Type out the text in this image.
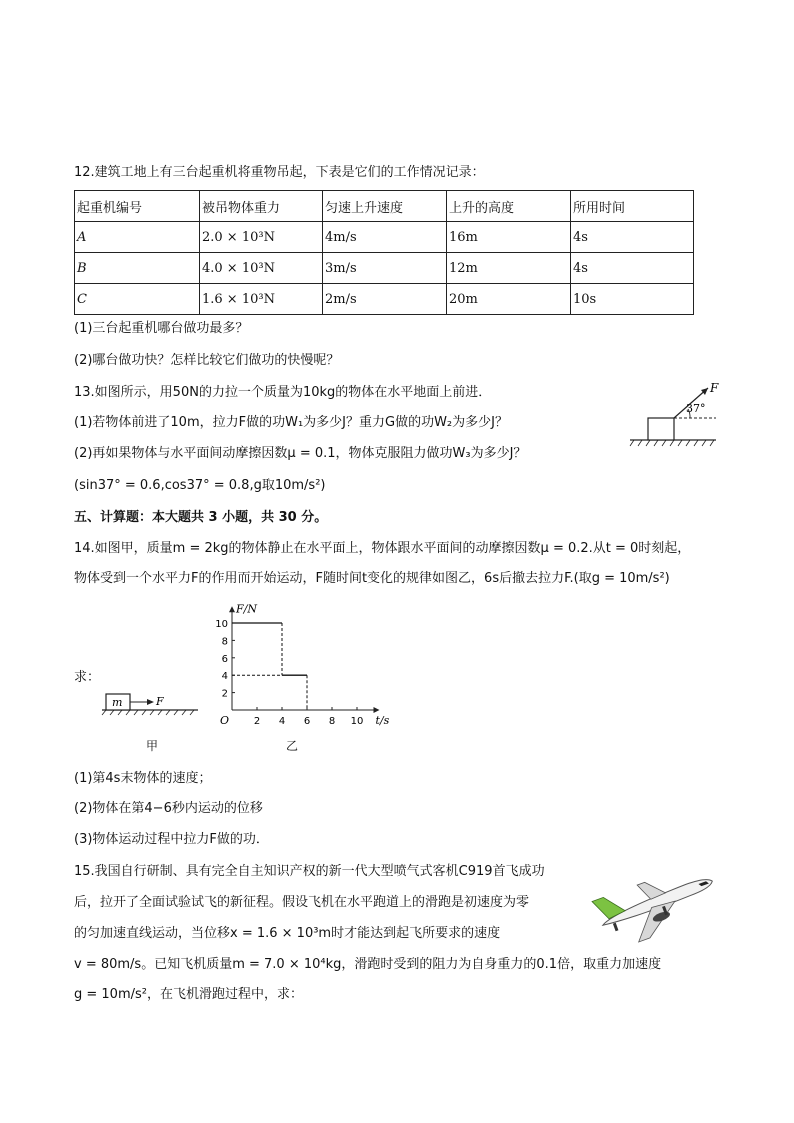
12.建筑工地上有三台起重机将重物吊起，下表是它们的工作情况记录：
起重机编号	被吊物体重力	匀速上升速度	上升的高度	所用时间
A	2.0 × 10³N	4m/s	16m	4s
B	4.0 × 10³N	3m/s	12m	4s
C	1.6 × 10³N	2m/s	20m	10s
(1)三台起重机哪台做功最多？
(2)哪台做功快？怎样比较它们做功的快慢呢？
13.如图所示，用50N的力拉一个质量为10kg的物体在水平地面上前进．
(1)若物体前进了10m，拉力F做的功W₁为多少J？重力G做的功W₂为多少J？
(2)再如果物体与水平面间动摩擦因数μ = 0.1，物体克服阻力做功W₃为多少J？
(sin37° = 0.6,cos37° = 0.8,g取10m/s²)
F
37°
五、计算题：本大题共 3 小题，共 30 分。
14.如图甲，质量m = 2kg的物体静止在水平面上，物体跟水平面间的动摩擦因数μ = 0.2.从t = 0时刻起，
物体受到一个水平力F的作用而开始运动，F随时间t变化的规律如图乙，6s后撤去拉力F.(取g = 10m/s²)
求：
m	F
甲
F/N
t/s
O 2 4 6 8 10
2
4
6
8
10
乙
(1)第4s末物体的速度；
(2)物体在第4−6秒内运动的位移
(3)物体运动过程中拉力F做的功．
15.我国自行研制、具有完全自主知识产权的新一代大型喷气式客机C919首飞成功
后，拉开了全面试验试飞的新征程。假设飞机在水平跑道上的滑跑是初速度为零
的匀加速直线运动，当位移x = 1.6 × 10³m时才能达到起飞所要求的速度
v = 80m/s。已知飞机质量m = 7.0 × 10⁴kg，滑跑时受到的阻力为自身重力的0.1倍，取重力加速度
g = 10m/s²，在飞机滑跑过程中，求：
